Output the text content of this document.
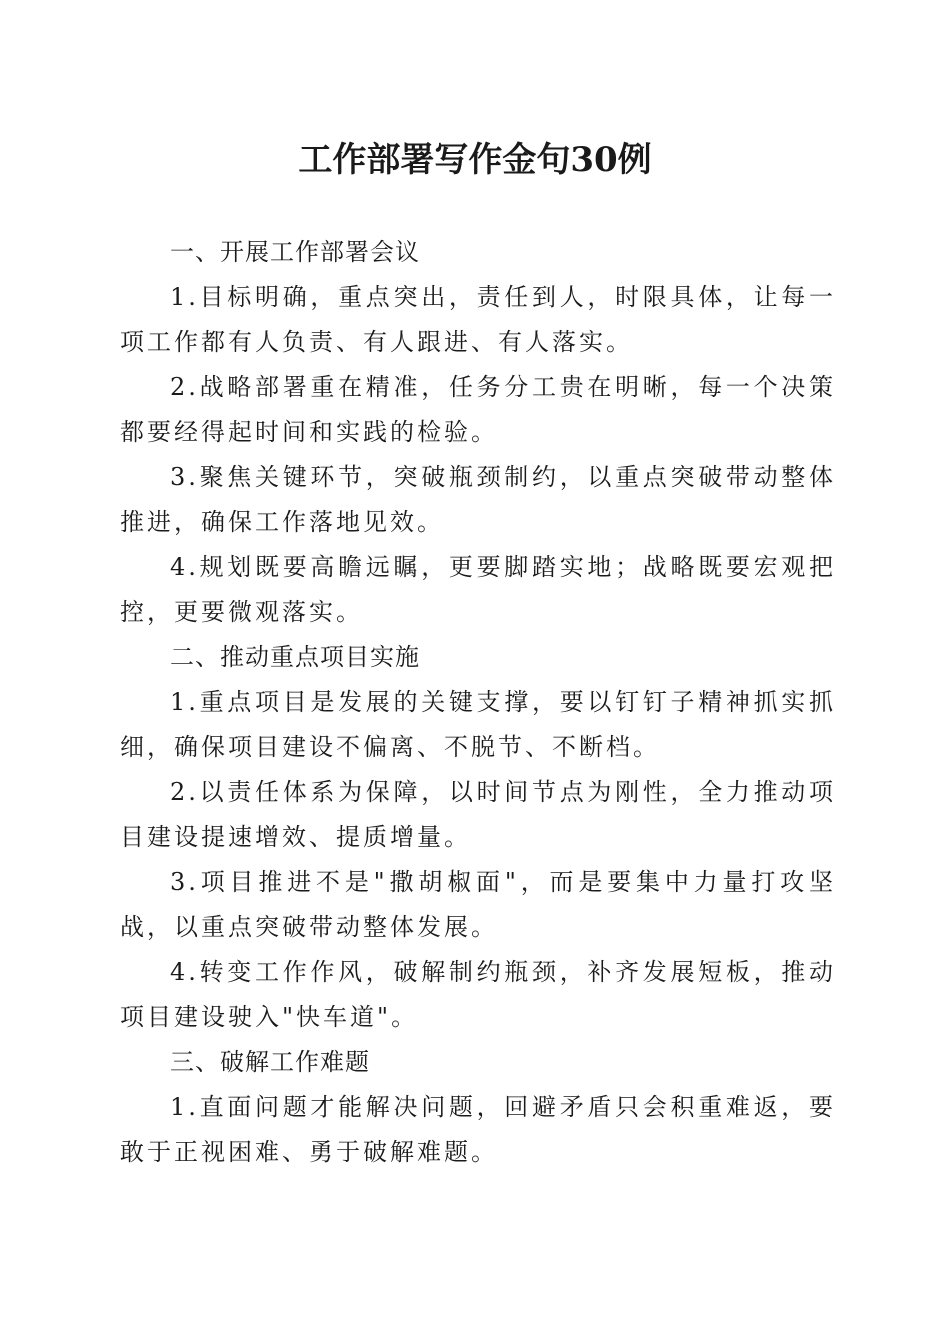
工作部署写作金句30例

一、开展工作部署会议

1.目标明确，重点突出，责任到人，时限具体，让每一项工作都有人负责、有人跟进、有人落实。

2.战略部署重在精准，任务分工贵在明晰，每一个决策都要经得起时间和实践的检验。

3.聚焦关键环节，突破瓶颈制约，以重点突破带动整体推进，确保工作落地见效。

4.规划既要高瞻远瞩，更要脚踏实地；战略既要宏观把控，更要微观落实。

二、推动重点项目实施

1.重点项目是发展的关键支撑，要以钉钉子精神抓实抓细，确保项目建设不偏离、不脱节、不断档。

2.以责任体系为保障，以时间节点为刚性，全力推动项目建设提速增效、提质增量。

3.项目推进不是"撒胡椒面"，而是要集中力量打攻坚战，以重点突破带动整体发展。

4.转变工作作风，破解制约瓶颈，补齐发展短板，推动项目建设驶入"快车道"。

三、破解工作难题

1.直面问题才能解决问题，回避矛盾只会积重难返，要敢于正视困难、勇于破解难题。
